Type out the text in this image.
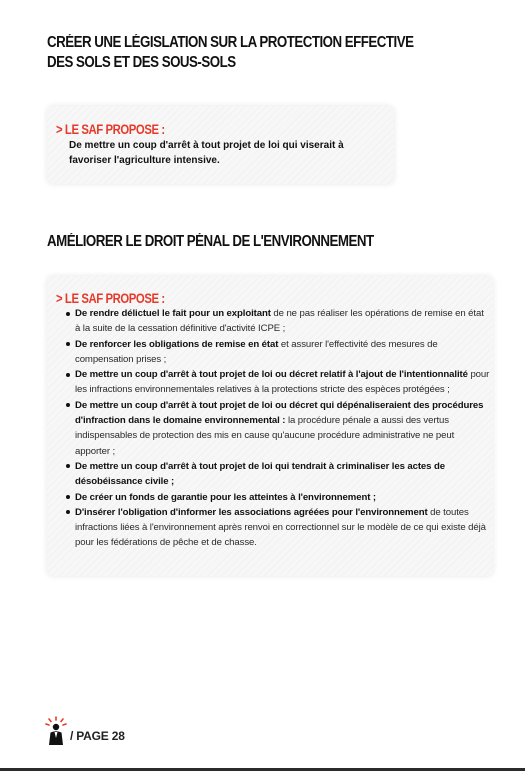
CRÉER UNE LÉGISLATION SUR LA PROTECTION EFFECTIVE
DES SOLS ET DES SOUS-SOLS
> LE SAF PROPOSE :
De mettre un coup d'arrêt à tout projet de loi qui viserait à favoriser l'agriculture intensive.
AMÉLIORER LE DROIT PÉNAL DE L'ENVIRONNEMENT
> LE SAF PROPOSE :
De rendre délictuel le fait pour un exploitant de ne pas réaliser les opérations de remise en état à la suite de la cessation définitive d'activité ICPE ;
De renforcer les obligations de remise en état et assurer l'effectivité des mesures de compensation prises ;
De mettre un coup d'arrêt à tout projet de loi ou décret relatif à l'ajout de l'intentionnalité pour les infractions environnementales relatives à la protections stricte des espèces protégées ;
De mettre un coup d'arrêt à tout projet de loi ou décret qui dépénaliseraient des procédures d'infraction dans le domaine environnemental : la procédure pénale a aussi des vertus indispensables de protection des mis en cause qu'aucune procédure administrative ne peut apporter ;
De mettre un coup d'arrêt à tout projet de loi qui tendrait à criminaliser les actes de désobéissance civile ;
De créer un fonds de garantie pour les atteintes à l'environnement ;
D'insérer l'obligation d'informer les associations agréées pour l'environnement de toutes infractions liées à l'environnement après renvoi en correctionnel sur le modèle de ce qui existe déjà pour les fédérations de pêche et de chasse.
/ PAGE 28
